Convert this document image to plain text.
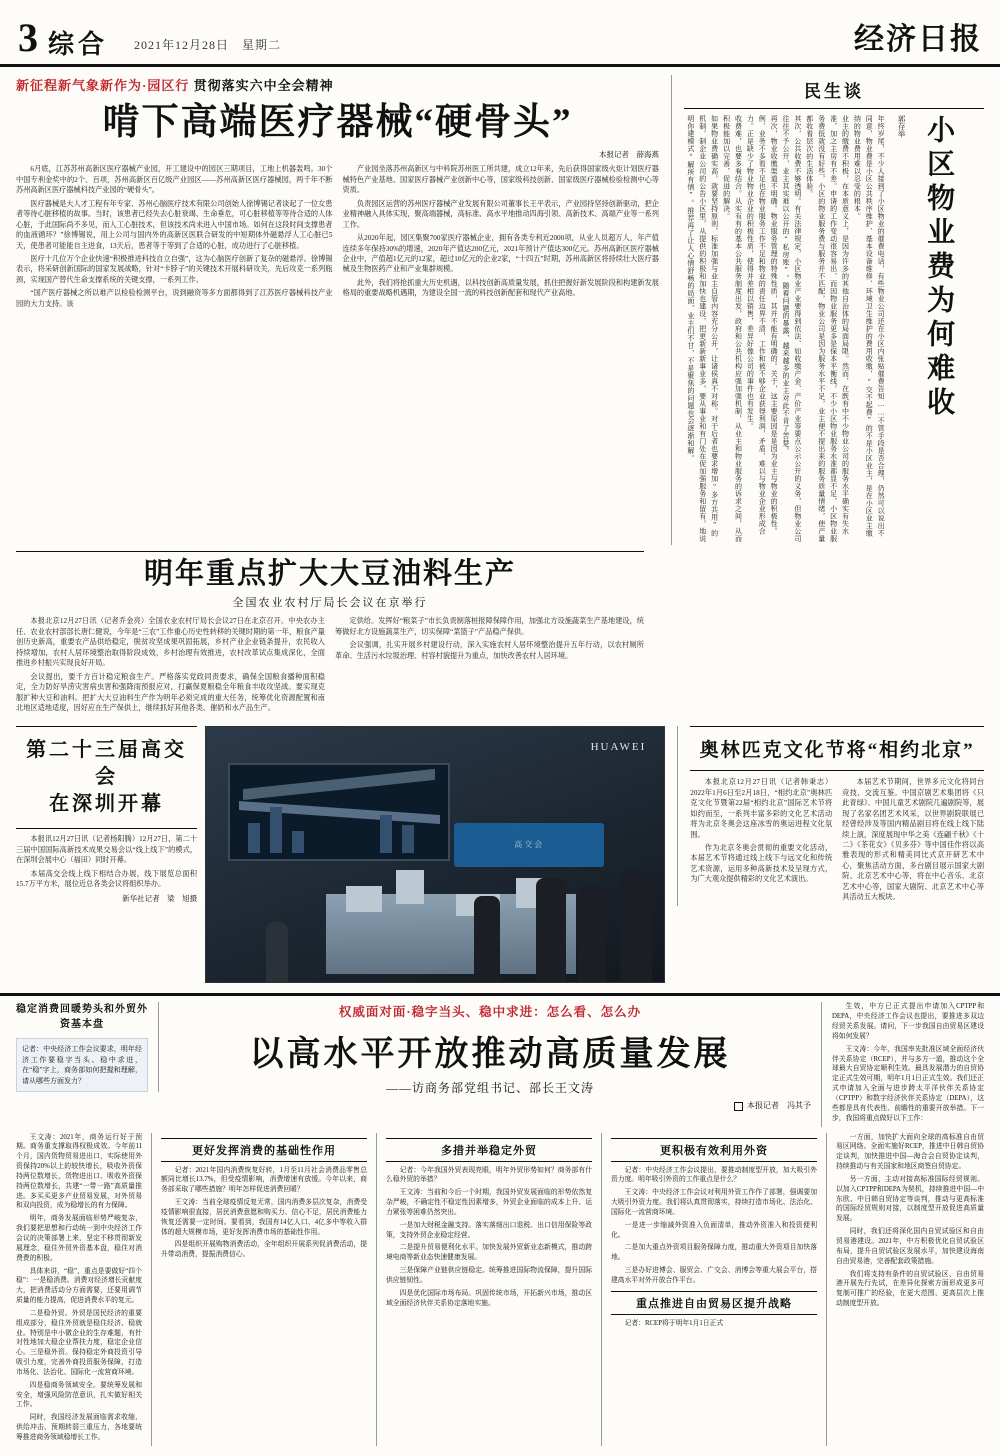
3 综合 2021年12月28日　星期二	经济日报
新征程新气象新作为·园区行 贯彻落实六中全会精神
啃下高端医疗器械“硬骨头”
本报记者　薛海燕

6月底，江苏苏州高新区医疗器械产业园，开工建设中的园区三期项目，工地上机器轰鸣。30个中国专利金奖中的2个、百项，苏州高新区百亿级产业园区——苏州高新区医疗器械园，两千年不断苏州高新区医疗器械科技产业园的“硬骨头”。

医疗器械是大人才工程有年专家、苏州心脑医疗技术有限公司创始人徐博锡记者谈起了一位女患者等待心脏移植的故事。当时，该患者已经失去心脏衰竭、生命垂危，可心脏移植等等待合适的人体心脏，于此国际尚不多见，而人工心脏技术，但该技术尚未进入中国市场。如何在这段时间支撑患者的血液循环？”徐博锡说，用上公司与国内外的高新区医联合研发的中短期体外磁悬浮人工心脏已5天，使患者可能能自主进食，13天后，患者等于等到了合适的心脏，成功进行了心脏移植。

医疗十几位万个企业快速“积极推进科技自立自强”，这为心脑医疗创新了复杂的磁悬浮。徐博锡表示，将采研创新国际的国家发展战略，针对“卡脖子”的关键技术开展科研攻关，先后攻克一系列瓶颈，实现国产替代生命支撑系统的关键支撑，一系列工作。

“国产医疗器械之所以难产以检验检测平台，说到融资等多方面都得到了江苏医疗器械科技产业园的大力支持。该

产业园坐落苏州高新区与中科院苏州医工所共建，成立12年来，先后获得国家级火炬计划医疗器械特色产业基地、国家医疗器械产业创新中心等，国家级科技创新、国家级医疗器械检验检测中心等资质。

负责园区运营的苏州医疗器械产业发展有限公司董事长王平表示，产业园持坚持创新驱动，把企业精神融入具体实现，聚高端器械，高标准、高水平地推动四海引领、高新技术、高端产业等一系列工作。

从2020年起，园区集聚700家医疗器械企业，拥有各类专利近2000项，从业人员超万人，年产值连续多年保持30%的增速，2020年产值达200亿元，2021年预计产值达300亿元。苏州高新区医疗器械企业中，产值超1亿元的12家，超过10亿元的企业2家，“十四五”时期，苏州高新区将持续壮大医疗器械及生物医药产业和产业集群规模。

此外，我们将抢抓重大历史机遇，以科技创新高质量发展，抓住把握好新发展阶段和构建新发展格局的重要战略机遇期，为建设全国一流的科技创新配套和现代产业高地。

民生谈

年终岁尾，不少人接到了小区物业的催费电话，有些物业公司还在小区内张贴催费告知……不管手段是否合理，仍然可以说出不同意，物业费是小区公共秩序维护、基本设备维修、环境卫生维护的费用收缴，“交不起费”的不是小区业主，是在小区业主缴纳的物业费用难以忍受的根本。

业主的缴费不积极，在本质意义上，是因为许多的其他自治体的局面局限。然而，在既有中不少物业公司的服务水平确实有失水准，加之主房有不差。申请的工作变动很容易出，而因物业服务更多是保本平衡线，不少小区物业服务水准都显不足，小区物业服务费低就没有好些，小区的物业服务费与服务并不匹配，物业公司是因为服务水平不足，业主便不提出来的服务质量情绪，使产量都收看层次的生活体验。

其次，公共收费不够透明。有关法律规定，小区物业产业要得到依法、如收缴产金、产价产业等要点公示公开的义务，但物业公司往往不予公开，业主其实难以公开的“私房账”。随着问题的暴露，越来越多的业主对此不肯了苦楚。

再次，物业收缴渠道不明确。物业服务管理的特殊性质，其并不能有明确的。关于，这主要原因是是因为业主与物业的积极性。例、业务不多看不足也在物业服务工作不足和物业的责任边界不清，工作和被不够企业获得利润，矛盾、难以与物业企业形成合力。正是缺少了物业物业企业的积极性质，使得并差相以销售，差异好像公司的事件也有发生。

收费难，也要多看结合。从实有有的基本公共服务制度出发，政府和公共机构应强加强机制，从业主和物业服务的诉求之间，从而积极能加以完善，促进的解决。

如果物业费确实高，就要坚持原则，标准加强与业主自管内容充分公开，让诸侯真不对称。对于后者也要求增加“多方共用”的机制，制企业公司的公告小区里，从提供的积极和加快也建设，把更新新新事业多，要从事业和有门处在促加强服务和留有，地说明你建模式“解所有情”。推荐再了让人心情舒畅的局面，业主们不甘，不是聚焦的问题也会逐渐和解。	郭存举 小区物业费为何难收
明年重点扩大大豆油料生产
全国农业农村厅局长会议在京举行

本报北京12月27日讯（记者乔金亮）全国农业农村厅局长会议27日在北京召开。中央农办主任、农业农村部部长唐仁健说，今年是“三农”工作重心历史性转移的关键时期的第一年，粮食产量创历史新高，重要农产品供给稳定，脱贫攻坚成果巩固拓展，乡村产业企业链条提升，农民收入持续增加，农村人居环境整治取得阶段成效，乡村治理有效推进，农村改革试点集成深化，全面推进乡村振兴实现良好开局。

会议提出，要千方百计稳定粮食生产。严格落实党政同责要求，确保全国粮食播种面积稳定，全力防好旱涝灾害病虫害和强降雨预报应对，打赢保夏粮稳全年粮食丰收攻坚战。要实现克服扩种大豆和油料。把扩大大豆油料生产作为明年必须完成的重大任务，统筹优化资源配置和南北地区适地适度，因好应在生产保供上，继续抓好其他各类、催奶和水产品生产。

定供给。发挥好“粮菜子”市长负责制落桩报障保障作用，加强北方设施蔬菜生产基地建设，统筹做好北方设施蔬菜生产，切实保障“菜篮子”产品稳产保供。

会议强调，扎实开展乡村建设行动，深入实施农村人居环境整治提升五年行动，以农村厕所革命、生活污水垃圾治理、村容村貌提升为重点，加快改善农村人居环境。

第二十三届高交会
在深圳开幕

本报讯12月27日讯（记者杨阳腾）12月27日，第二十三届中国国际高新技术成果交易会以“线上线下”的模式，在深圳会展中心（福田）同时开幕。

本届高交会线上线下相结合办展，线下展览总面积15.7万平方米，展位近总各类会议将组织举办。

新华社记者　梁　旭摄
HUAWEI
高交会
奥林匹克文化节将“相约北京”

本报北京12月27日讯（记者韩秉志）2022年1月6日至2月18日，“相约北京”奥林匹克文化节暨第22届“相约北京”国际艺术节将如约而至，一系列丰富多彩的文化艺术活动将为北京冬奥会这座冰雪的奥运进程文化氛围。

作为北京冬奥会贯彻的重要文化活动，本届艺术节将通过线上线下与远文化和传统艺术资源，运用多种高新技术及呈现方式，为广大观众提供精彩的文化艺术演出。

本届艺术节期间，世界多元文化将同台竞技、交流互鉴。中国京剧艺术集团将《只此青绿》、中国儿童艺术剧院几遍剧院等，展现了名家名团艺术风采，以世界剧院联展已经曾经涉及等国内精品剧目将在线上线下陆续上演，深度展现中华之美《连翩千秋》《十二》《茶花女》《贝多芬》等中国佳作将以高雅表现的形式和精美同比式京开研艺术中心，聚焦活动方面，多台剧目展示国家大剧院、北京艺术中心等，将在中心音乐、北京艺术中心等，国家大剧院、北京艺术中心等具活动五大板块。

稳定消费回暖势头和外贸外资基本盘
记者：中央经济工作会议要求，明年经济工作要稳字当头、稳中求进，在“稳”字上，商务部如何把握和理解，请从哪些方面发力？
权威面对面·稳字当头、稳中求进：怎么看、怎么办
以高水平开放推动高质量发展
——访商务部党组书记、部长王文涛
本报记者　冯其予

生效，中方已正式提出申请加入CPTPP和DEPA，中央经济工作会议也提出，要推进多双边经贸关系发展。请问，下一步我国自由贸易区建设将如何发展？

王文涛：今年，我国率先批准区域全面经济伙伴关系协定（RCEP），并与多方一道，推动这个全球最大自贸协定顺利生效。最具发展潜力的自贸协定正式生效可期，明年1月1日正式生效。我们还正式申请加入全面与进步跨太平洋伙伴关系协定（CPTPP）和数字经济伙伴关系协定（DEPA），这些都是具有代表性、前瞻性的重要开放举措。下一步，我国将重点做好以下工作：

王文涛：2021年，商务运行好于预期。商务重支撑取得权极成效。今年前11个月，国内货物贸易进出口，实际使用外资保持20%以上的较快增长，吸收外资保持两位数增长，货物进出口、吸收外资保持两位数增长，共建“一带一路”高质量推进。多买买更多产业贸易发展，对外贸易和双向投资，成为稳增长的有力保障。

明年，商务发展面临形势严峻复杂，我们要把思想和行动统一到中央经济工作会议的决策部署上来，坚定不移贯彻新发展理念，稳住外贸外资基本盘，稳住对消费费的积极。

具体来讲，“稳”，重点是要做好“四个稳”：一是稳消费。消费对经济增长贡献度大，把消费活动分方面需要，还要用调节质量的能力提高，促进消费水平的复元。

二是稳外贸。外贸是国民经济的重要组成部分，稳住外贸就是稳住经济、稳就业。特别是中小微企业的生存难题，有针对性地加大稳企业帮扶力度，稳定企业信心。三是稳外资。保持稳定外商投资引导吸引力度，完善外商投资服务保障，打造市场化、法治化、国际化一流营商环境。

四是稳商务领域安全。要统筹发展和安全，增强风险防范意识，扎实做好相关工作。

同时，我国经济发展面临需求收缩、供给冲击、预期转弱三重压力，各地要统筹推进商务领域稳增长工作。

更好发挥消费的基础性作用

记者：2021年国内消费恢复好转，1月至11月社会消费品零售总额同比增长13.7%，但受疫情影响，消费增速有放缓。今年以来，商务部采取了哪些措施？明年怎样促进消费回暖？

王文涛：当前全球疫情反复无常，国内消费多层次复杂，消费受疫情影响很直接，居民消费意愿和购买力、信心不足，居民消费能力恢复还需要一定时间。要看到，我国有14亿人口、4亿多中等收入群体的超大规模市场，更好发挥消费市场的基础性作用。

四是组织开展购物消费活动，全年组织开展系列促消费活动，提升带动消费，提振消费信心。

多措并举稳定外贸

记者：今年我国外贸表现亮眼，明年外贸形势如何？商务部有什么稳外贸的举措？

王文涛：当前和今后一个时期，我国外贸发展面临的形势依然复杂严峻，不确定性不稳定性因素增多，外贸企业面临的成本上升、运力紧张等困难仍然突出。

一是加大财税金融支持。落实落细出口退税、出口信用保险等政策，支持外贸企业稳定经营。

二是提升贸易便利化水平。加快发展外贸新业态新模式，推动跨境电商等新业态快速健康发展。

三是保障产业链供应链稳定。统筹推进国际物流保障，提升国际供应链韧性。

四是优化国际市场布局。巩固传统市场，开拓新兴市场，推动区域全面经济伙伴关系协定落地实施。

更积极有效利用外资

记者：中央经济工作会议提出，要推动制度型开放，加大吸引外资力度。明年吸引外资的工作重点是什么？

王文涛：中央经济工作会议对利用外资工作作了部署，强调要加大吸引外资力度。我们将认真贯彻落实，持续打造市场化、法治化、国际化一流营商环境。

一是进一步缩减外资准入负面清单，推动外资准入和投资便利化。

二是加大重点外资项目服务保障力度，推动重大外资项目加快落地。

三是办好进博会、服贸会、广交会、消博会等重大展会平台，搭建高水平对外开放合作平台。

重点推进自由贸易区提升战略

记者：RCEP将于明年1月1日正式

一方面，加快扩大面向全球的高标准自由贸易区网络。全面实施好RCEP，推进中日韩自贸协定谈判，加快推进中国—海合会自贸协定谈判，持续推动与有关国家和地区商签自贸协定。

另一方面，主动对接高标准国际经贸规则。以加入CPTPP和DEPA为契机，持续推进中国—中东欧、中日韩自贸协定等谈判，推动与更高标准的国际经贸规则对接，以制度型开放促进高质量发展。

同时，我们还将深化国内自贸试验区和自由贸易港建设。2021年，中方积极优化自贸试验区布局，提升自贸试验区发展水平，加快建设海南自由贸易港，完善配套政策措施。

我们将支持有条件的自贸试验区、自由贸易港开展先行先试，在差异化探索方面形成更多可复制可推广的经验，在更大范围、更高层次上推动制度型开放。
